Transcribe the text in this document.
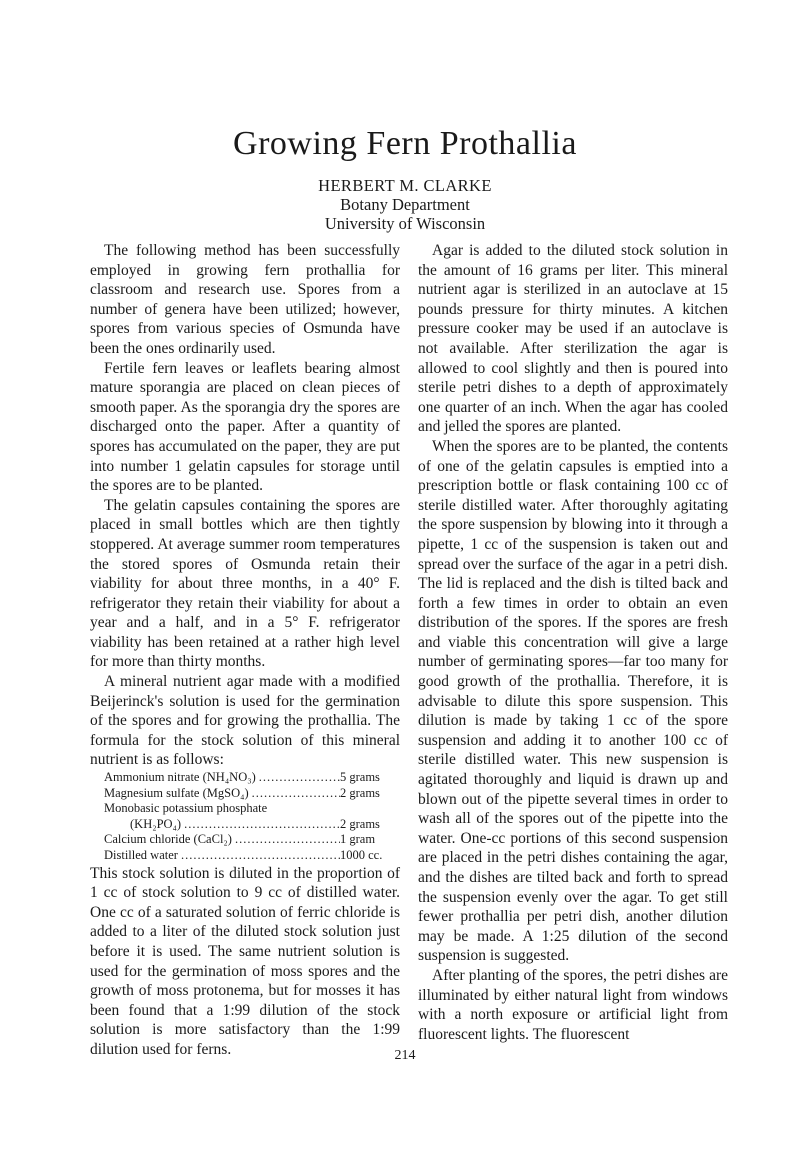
Growing Fern Prothallia
HERBERT M. CLARKE
Botany Department
University of Wisconsin

The following method has been successfully employed in growing fern prothallia for classroom and research use. Spores from a number of genera have been utilized; however, spores from various species of Osmunda have been the ones ordinarily used.

Fertile fern leaves or leaflets bearing almost mature sporangia are placed on clean pieces of smooth paper. As the sporangia dry the spores are discharged onto the paper. After a quantity of spores has accumulated on the paper, they are put into number 1 gelatin capsules for storage until the spores are to be planted.

The gelatin capsules containing the spores are placed in small bottles which are then tightly stoppered. At average summer room temperatures the stored spores of Osmunda retain their viability for about three months, in a 40° F. refrigerator they retain their viability for about a year and a half, and in a 5° F. refrigerator viability has been retained at a rather high level for more than thirty months.

A mineral nutrient agar made with a modified Beijerinck's solution is used for the germination of the spores and for growing the prothallia. The formula for the stock solution of this mineral nutrient is as follows:

Ammonium nitrate (NH₄NO₃) .....	5 grams
Magnesium sulfate (MgSO₄) .....	2 grams
Monobasic potassium phosphate
(KH₂PO₄) .....	2 grams
Calcium chloride (CaCl₂) .....	1 gram
Distilled water .....	1000 cc.

This stock solution is diluted in the proportion of 1 cc of stock solution to 9 cc of distilled water. One cc of a saturated solution of ferric chloride is added to a liter of the diluted stock solution just before it is used. The same nutrient solution is used for the germination of moss spores and the growth of moss protonema, but for mosses it has been found that a 1:99 dilution of the stock solution is more satisfactory than the 1:99 dilution used for ferns.

Agar is added to the diluted stock solution in the amount of 16 grams per liter. This mineral nutrient agar is sterilized in an autoclave at 15 pounds pressure for thirty minutes. A kitchen pressure cooker may be used if an autoclave is not available. After sterilization the agar is allowed to cool slightly and then is poured into sterile petri dishes to a depth of approximately one quarter of an inch. When the agar has cooled and jelled the spores are planted.

When the spores are to be planted, the contents of one of the gelatin capsules is emptied into a prescription bottle or flask containing 100 cc of sterile distilled water. After thoroughly agitating the spore suspension by blowing into it through a pipette, 1 cc of the suspension is taken out and spread over the surface of the agar in a petri dish. The lid is replaced and the dish is tilted back and forth a few times in order to obtain an even distribution of the spores. If the spores are fresh and viable this concentration will give a large number of germinating spores—far too many for good growth of the prothallia. Therefore, it is advisable to dilute this spore suspension. This dilution is made by taking 1 cc of the spore suspension and adding it to another 100 cc of sterile distilled water. This new suspension is agitated thoroughly and liquid is drawn up and blown out of the pipette several times in order to wash all of the spores out of the pipette into the water. One-cc portions of this second suspension are placed in the petri dishes containing the agar, and the dishes are tilted back and forth to spread the suspension evenly over the agar. To get still fewer prothallia per petri dish, another dilution may be made. A 1:25 dilution of the second suspension is suggested.

After planting of the spores, the petri dishes are illuminated by either natural light from windows with a north exposure or artificial light from fluorescent lights. The fluorescent

214
